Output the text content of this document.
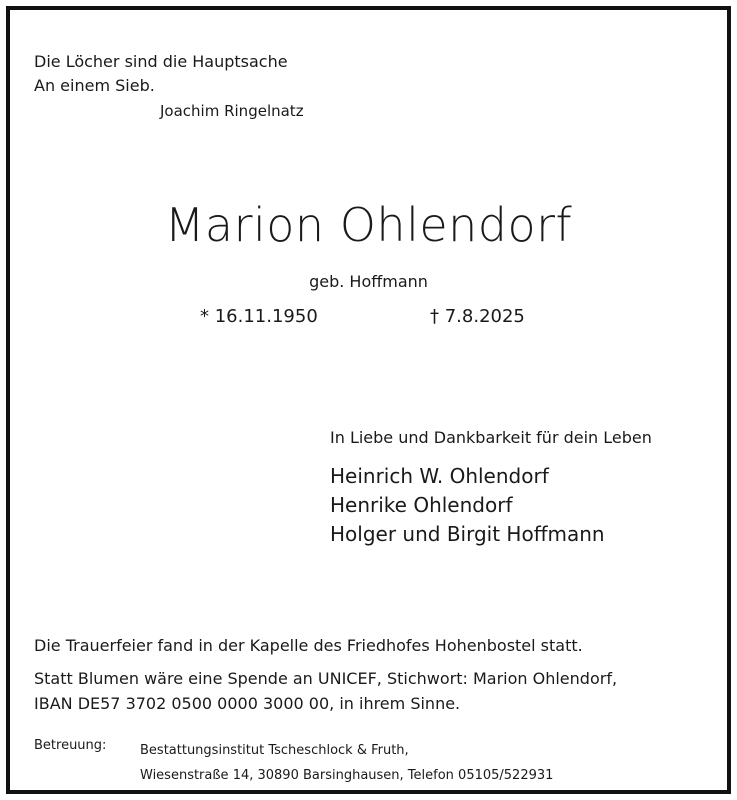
Die Löcher sind die Hauptsache
An einem Sieb.
Joachim Ringelnatz
Marion Ohlendorf
geb. Hoffmann
* 16.11.1950	† 7.8.2025
In Liebe und Dankbarkeit für dein Leben
Heinrich W. Ohlendorf
Henrike Ohlendorf
Holger und Birgit Hoffmann
Die Trauerfeier fand in der Kapelle des Friedhofes Hohenbostel statt.
Statt Blumen wäre eine Spende an UNICEF, Stichwort: Marion Ohlendorf,
IBAN DE57 3702 0500 0000 3000 00, in ihrem Sinne.
Betreuung:	Bestattungsinstitut Tscheschlock & Fruth,
Wiesenstraße 14, 30890 Barsinghausen, Telefon 05105/522931
